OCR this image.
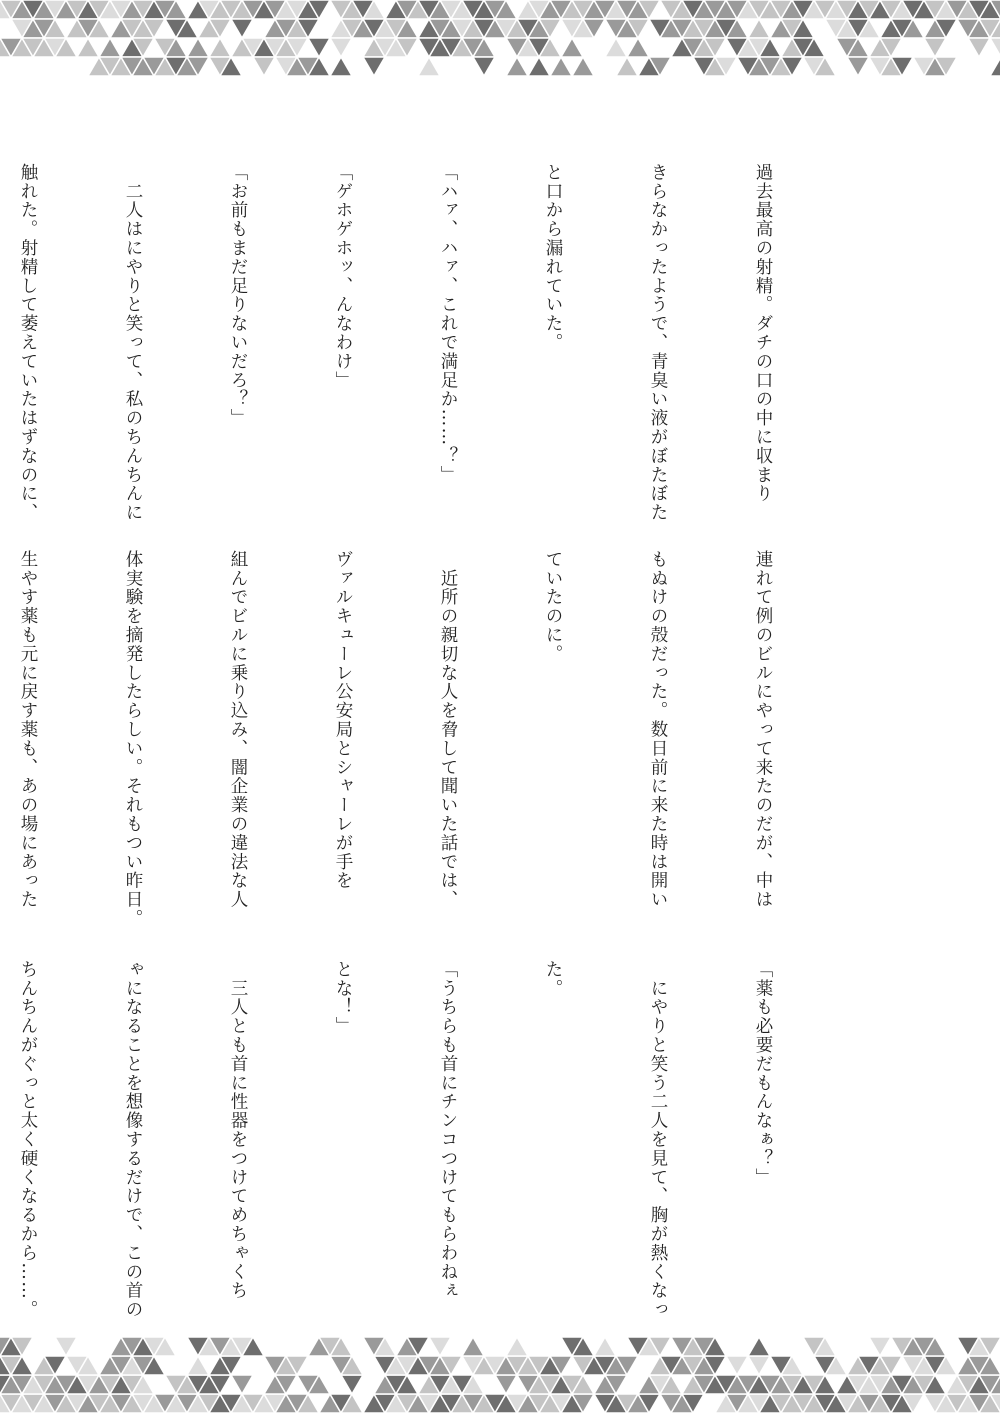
過去最高の射精。ダチの口の中に収まり

きらなかったようで、青臭い液がぼたぼた

と口から漏れていた。

「ハァ、ハァ、これで満足か……？」

「ゲホゲホッ、んなわけ」

「お前もまだ足りないだろ？」

　二人はにやりと笑って、私のちんちんに

触れた。射精して萎えていたはずなのに、

連れて例のビルにやって来たのだが、中は

もぬけの殻だった。数日前に来た時は開い

ていたのに。

　近所の親切な人を脅して聞いた話では、

ヴァルキューレ公安局とシャーレが手を

組んでビルに乗り込み、闇企業の違法な人

体実験を摘発したらしい。それもつい昨日。

生やす薬も元に戻す薬も、あの場にあった

「薬も必要だもんなぁ？」

　にやりと笑う二人を見て、胸が熱くなっ

た。

「うちらも首にチンコつけてもらわねぇ

とな！」

　三人とも首に性器をつけてめちゃくち

ゃになることを想像するだけで、この首の

ちんちんがぐっと太く硬くなるから……。
